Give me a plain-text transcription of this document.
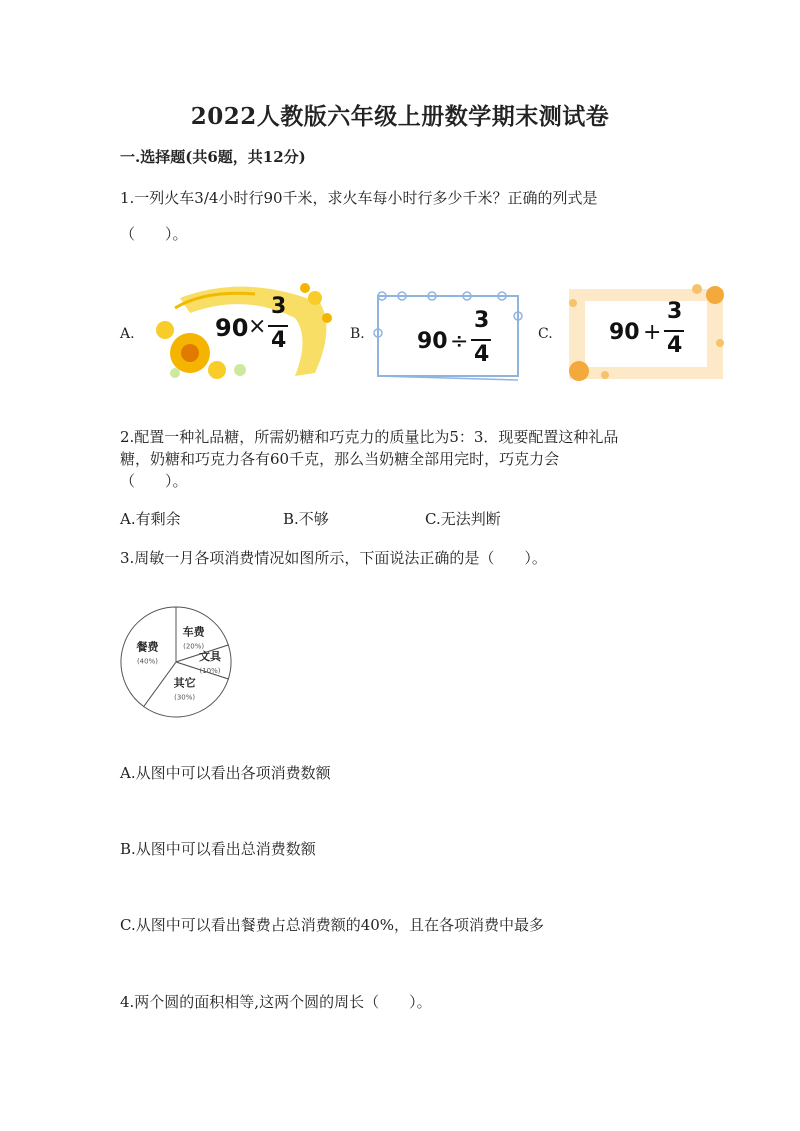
2022人教版六年级上册数学期末测试卷
一.选择题(共6题，共12分)
1.一列火车3/4小时行90千米，求火车每小时行多少千米？正确的列式是
（　　）。
A.	90 ×
3
4	B. 90 ÷
3
4
C.	90 +
3
4
2.配置一种礼品糖，所需奶糖和巧克力的质量比为5：3．现要配置这种礼品
糖，奶糖和巧克力各有60千克，那么当奶糖全部用完时，巧克力会
（　　）。
A.有剩余	B.不够	C.无法判断
3.周敏一月各项消费情况如图所示，下面说法正确的是（　　）。
车费
(20%)
文具
(10%)
其它
(30%)
餐费
(40%)
A.从图中可以看出各项消费数额
B.从图中可以看出总消费数额
C.从图中可以看出餐费占总消费额的40%，且在各项消费中最多
4.两个圆的面积相等,这两个圆的周长（　　）。
